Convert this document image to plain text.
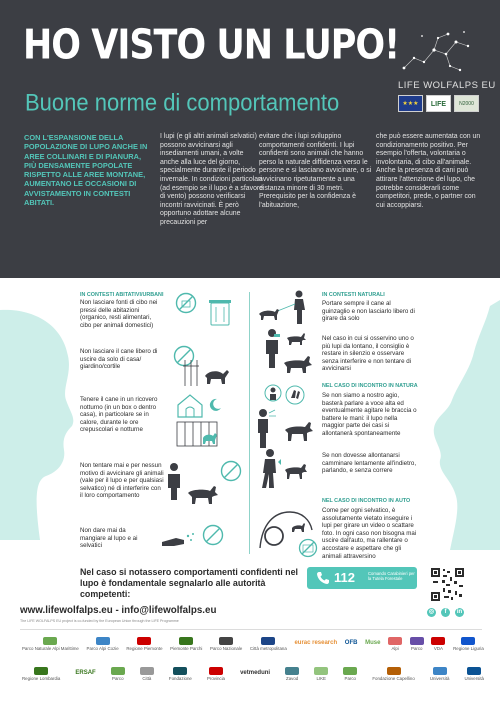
HO VISTO UN LUPO!
Buone norme di comportamento
LIFE WOLFALPS EU
★★★	LIFE	N2000
CON L'ESPANSIONE DELLA POPOLAZIONE DI LUPO ANCHE IN AREE COLLINARI E DI PIANURA, PIÙ DENSAMENTE POPOLATE RISPETTO ALLE AREE MONTANE, AUMENTANO LE OCCASIONI DI AVVISTAMENTO IN CONTESTI ABITATI.
I lupi (e gli altri animali selvatici) possono avvicinarsi agli insediamenti umani, a volte anche alla luce del giorno, specialmente durante il periodo invernale. In condizioni particolari (ad esempio se il lupo è a sfavore di vento) possono verificarsi incontri ravvicinati. È però opportuno adottare alcune precauzioni per
evitare che i lupi sviluppino comportamenti confidenti. I lupi confidenti sono animali che hanno perso la naturale diffidenza verso le persone e si lasciano avvicinare, o si avvicinano ripetutamente a una distanza minore di 30 metri. Prerequisito per la confidenza è l'abituazione,
che può essere aumentata con un condizionamento positivo. Per esempio l'offerta, volontaria o involontaria, di cibo all'animale. Anche la presenza di cani può attirare l'attenzione del lupo, che potrebbe considerarli come competitori, prede, o partner con cui accoppiarsi.
IN CONTESTI ABITATIVI/URBANI
Non lasciare fonti di cibo nei pressi delle abitazioni (organico, resti alimentari, cibo per animali domestici)
Non lasciare il cane libero di uscire da solo di casa/ giardino/cortile
Tenere il cane in un ricovero notturno (in un box o dentro casa), in particolare se in calore, durante le ore crepuscolari e notturne
Non tentare mai e per nessun motivo di avvicinare gli animali (vale per il lupo e per qualsiasi selvatico) né di interferire con il loro comportamento
Non dare mai da mangiare al lupo e ai selvatici
IN CONTESTI NATURALI
Portare sempre il cane al guinzaglio e non lasciarlo libero di girare da solo
Nel caso in cui si osservino uno o più lupi da lontano, il consiglio è restare in silenzio e osservare senza interferire e non tentare di avvicinarsi
NEL CASO DI INCONTRO IN NATURA
Se non siamo a nostro agio, basterà parlare a voce alta ed eventualmente agitare le braccia o battere le mani: il lupo nella maggior parte dei casi si allontanerà spontaneamente
Se non dovesse allontanarsi camminare lentamente all'indietro, parlando, e senza correre
NEL CASO DI INCONTRO IN AUTO
Come per ogni selvatico, è assolutamente vietato inseguire i lupi per girare un video o scattare foto. In ogni caso non bisogna mai uscire dall'auto, ma rallentare o accostare e aspettare che gli animali attraversino
Nel caso si notassero comportamenti confidenti nel lupo è fondamentale segnalarlo alle autorità competenti:
112	Comando Carabinieri per la Tutela Forestale
www.lifewolfalps.eu - info@lifewolfalps.eu
The LIFE WOLFALPS EU project is co-funded by the European Union through the LIFE Programme
◎	f	in
Parco Naturale Alpi Marittime Parco Alpi Cozie Regione Piemonte Piemonte Parchi Parco Nazionale Città metropolitana
eurac research OFB Muse
Alpi	Parco	VDA Regione Liguria
Regione Lombardia
ERSAF
Parco	Città	Fondazione	Provincia
vetmeduni
Zavod	LIKE	Parco	Fondazione Capellino	Università	Università
